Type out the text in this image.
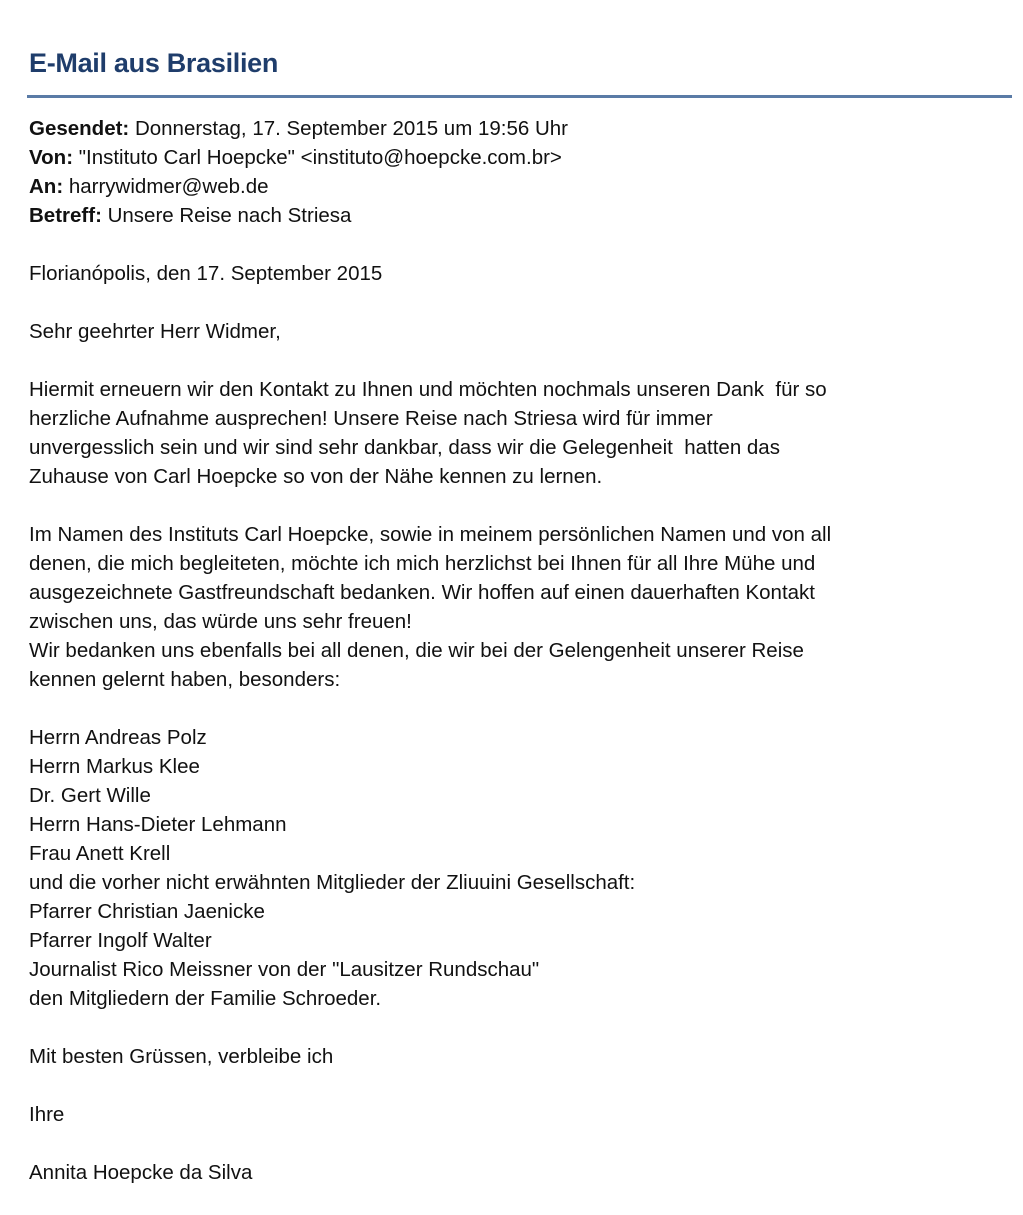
E-Mail aus Brasilien
Gesendet: Donnerstag, 17. September 2015 um 19:56 Uhr
Von: "Instituto Carl Hoepcke" <instituto@hoepcke.com.br>
An: harrywidmer@web.de
Betreff: Unsere Reise nach Striesa
Florianópolis, den 17. September 2015
Sehr geehrter Herr Widmer,
Hiermit erneuern wir den Kontakt zu Ihnen und möchten nochmals unseren Dank  für so
herzliche Aufnahme ausprechen! Unsere Reise nach Striesa wird für immer
unvergesslich sein und wir sind sehr dankbar, dass wir die Gelegenheit  hatten das
Zuhause von Carl Hoepcke so von der Nähe kennen zu lernen.
Im Namen des Instituts Carl Hoepcke, sowie in meinem persönlichen Namen und von all
denen, die mich begleiteten, möchte ich mich herzlichst bei Ihnen für all Ihre Mühe und
ausgezeichnete Gastfreundschaft bedanken. Wir hoffen auf einen dauerhaften Kontakt
zwischen uns, das würde uns sehr freuen!
Wir bedanken uns ebenfalls bei all denen, die wir bei der Gelengenheit unserer Reise
kennen gelernt haben, besonders:
Herrn Andreas Polz
Herrn Markus Klee
Dr. Gert Wille
Herrn Hans-Dieter Lehmann
Frau Anett Krell
und die vorher nicht erwähnten Mitglieder der Zliuuini Gesellschaft:
Pfarrer Christian Jaenicke
Pfarrer Ingolf Walter
Journalist Rico Meissner von der "Lausitzer Rundschau"
den Mitgliedern der Familie Schroeder.
Mit besten Grüssen, verbleibe ich
Ihre
Annita Hoepcke da Silva
